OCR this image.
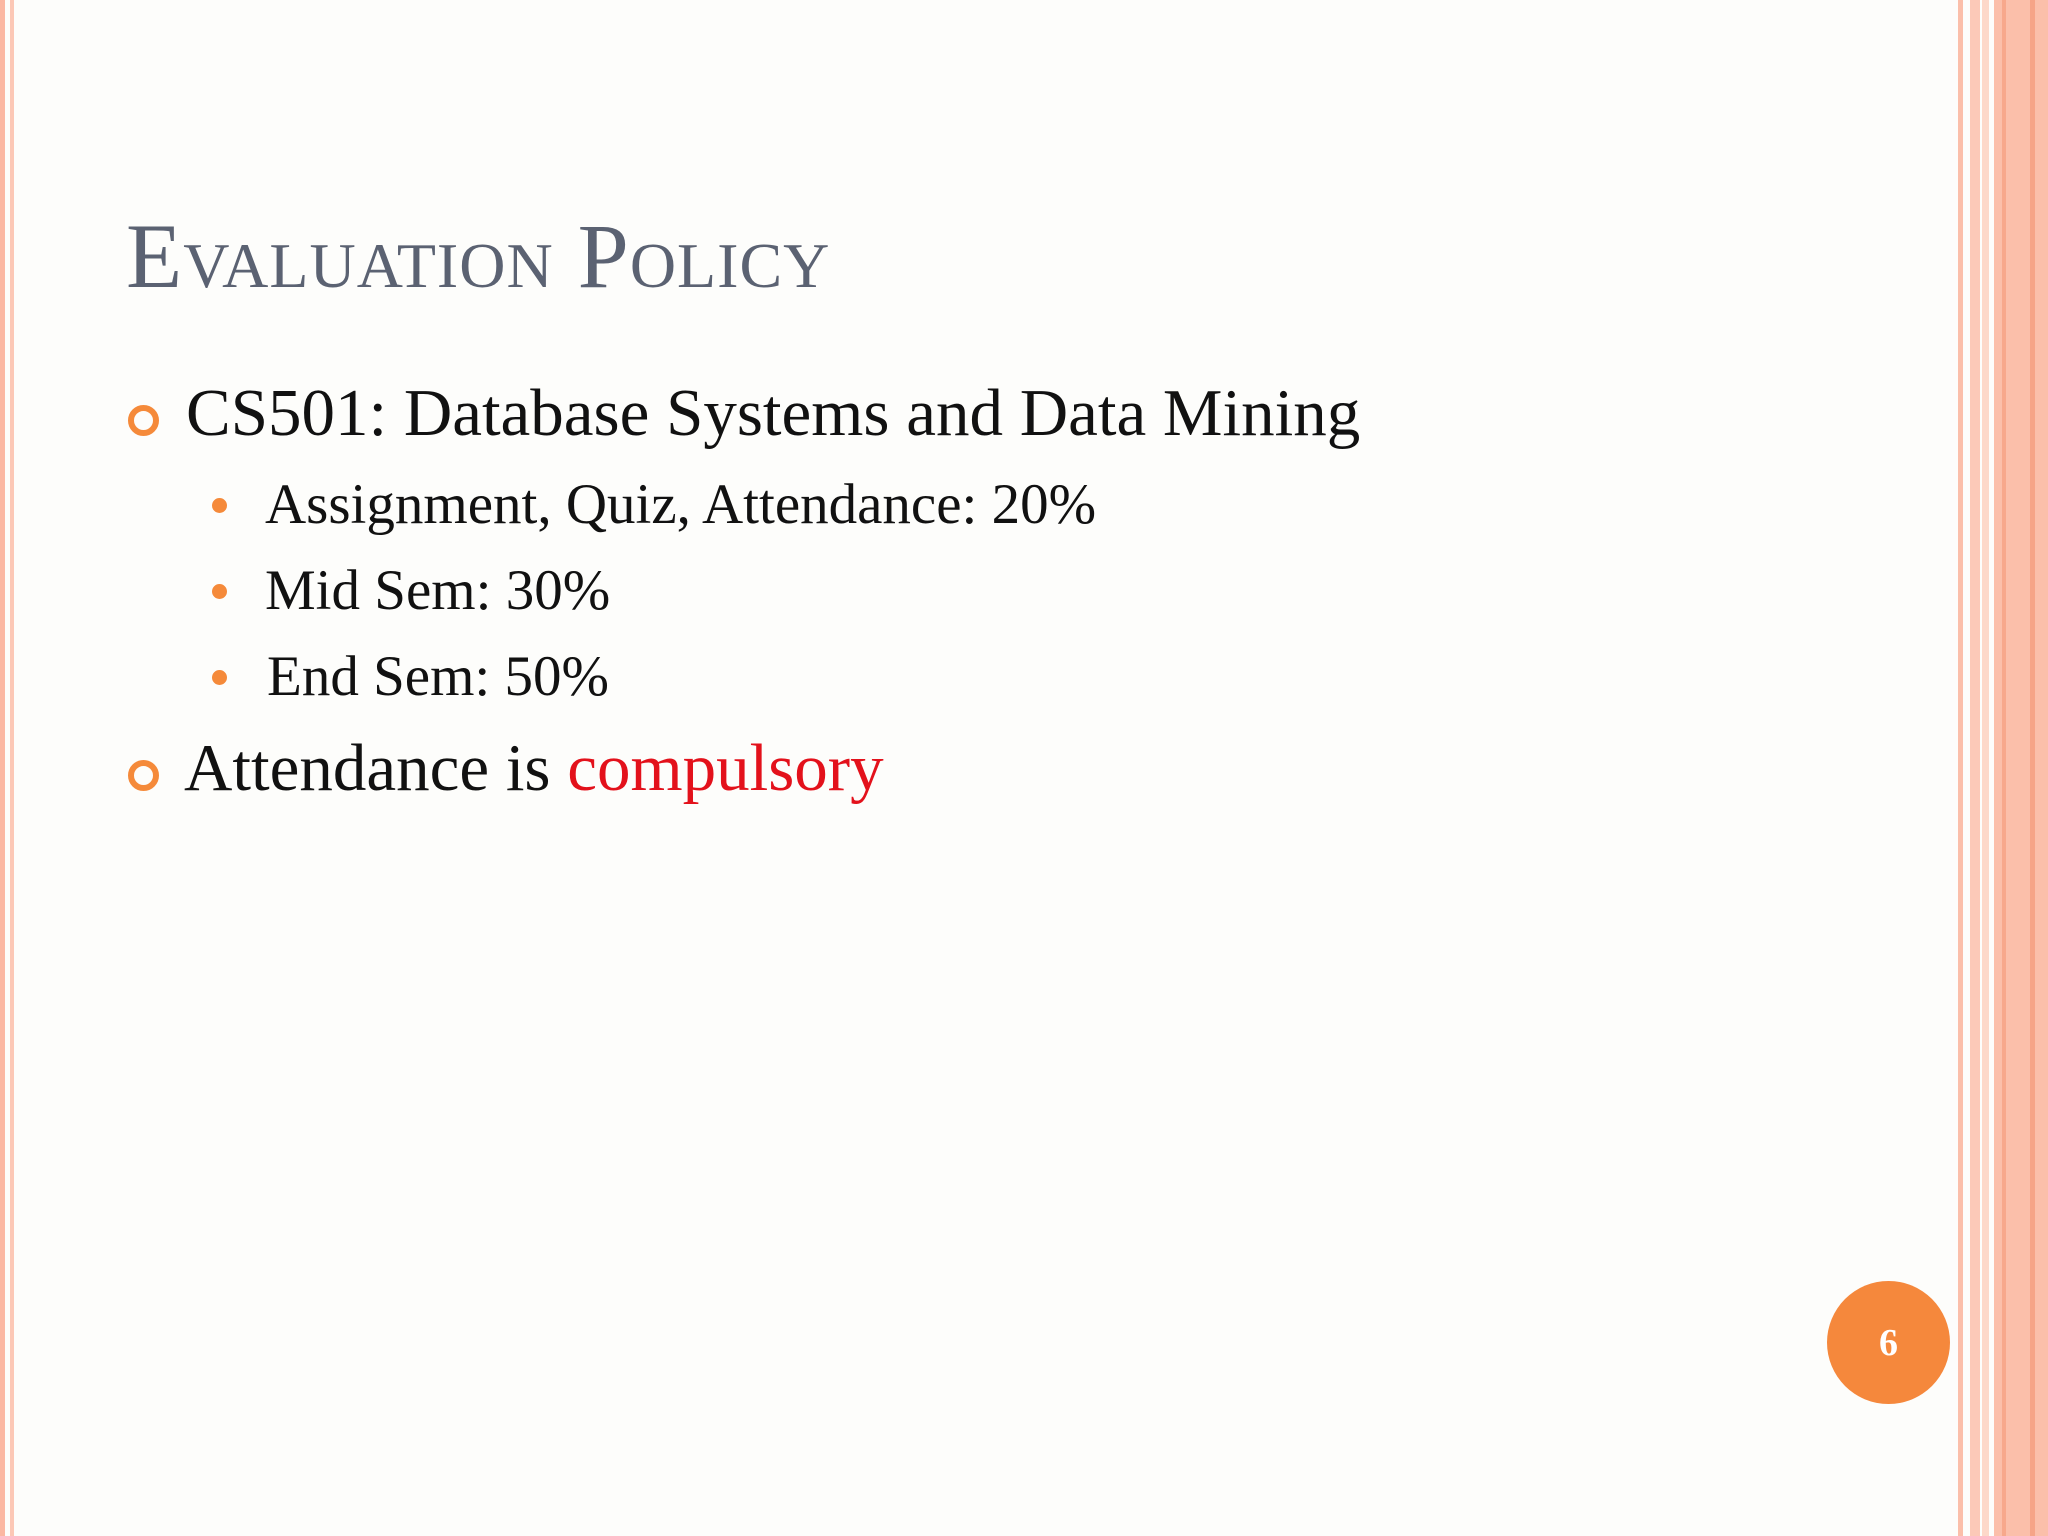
Evaluation Policy
CS501: Database Systems and Data Mining
Assignment, Quiz, Attendance: 20%
Mid Sem: 30%
End Sem: 50%
Attendance is compulsory
6
